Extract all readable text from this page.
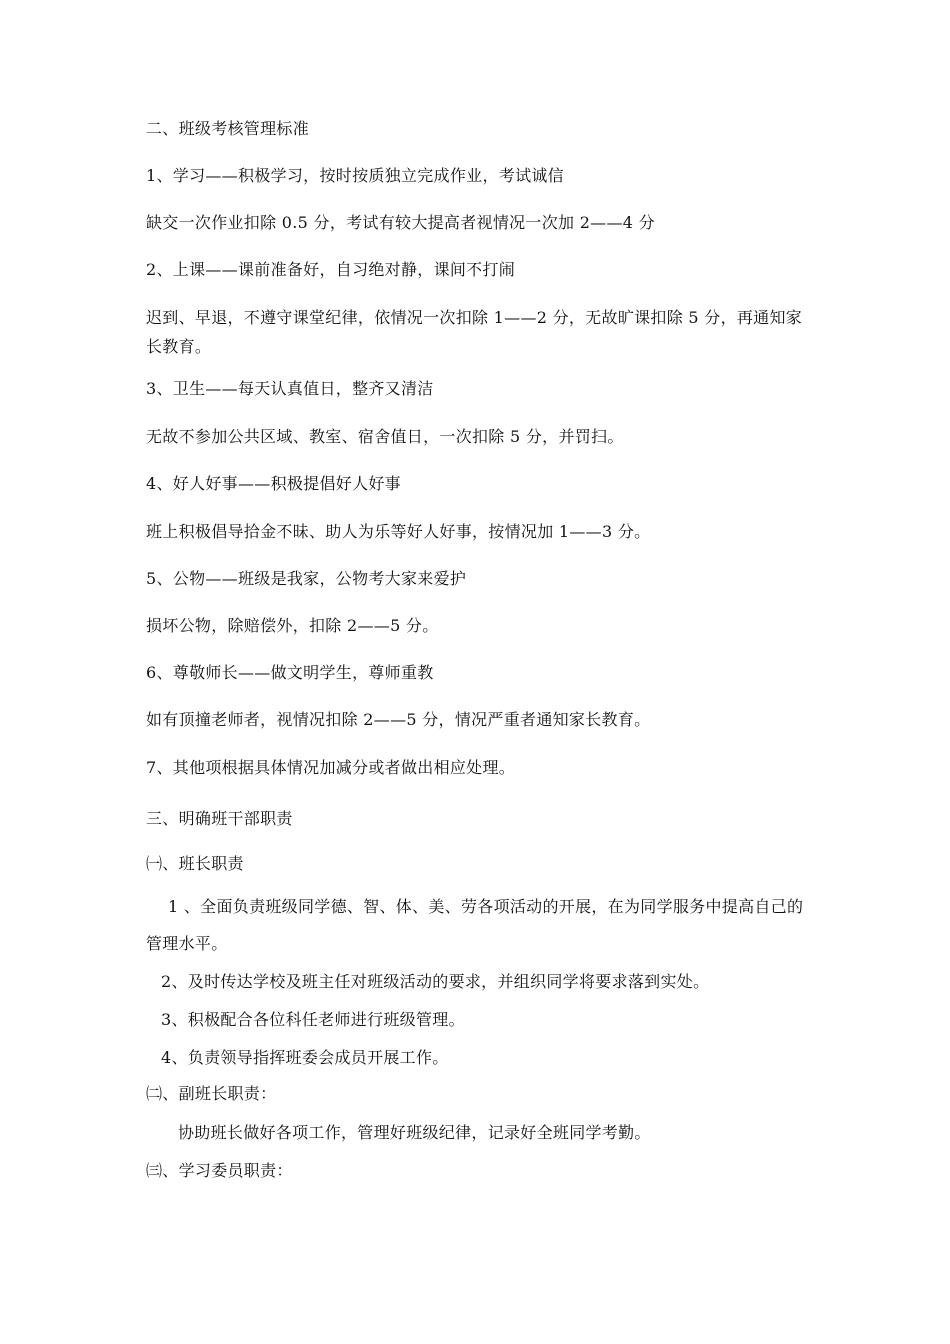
二、班级考核管理标准
1、学习——积极学习，按时按质独立完成作业，考试诚信
缺交一次作业扣除 0.5 分，考试有较大提高者视情况一次加 2——4 分
2、上课——课前准备好，自习绝对静，课间不打闹
迟到、早退，不遵守课堂纪律，依情况一次扣除 1——2 分，无故旷课扣除 5 分，再通知家长教育。
3、卫生——每天认真值日，整齐又清洁
无故不参加公共区域、教室、宿舍值日，一次扣除 5 分，并罚扫。
4、好人好事——积极提倡好人好事
班上积极倡导拾金不昧、助人为乐等好人好事，按情况加 1——3 分。
5、公物——班级是我家，公物考大家来爱护
损坏公物，除赔偿外，扣除 2——5 分。
6、尊敬师长——做文明学生，尊师重教
如有顶撞老师者，视情况扣除 2——5 分，情况严重者通知家长教育。
7、其他项根据具体情况加减分或者做出相应处理。
三、明确班干部职责
㈠、班长职责
1 、全面负责班级同学德、智、体、美、劳各项活动的开展，在为同学服务中提高自己的管理水平。
2、及时传达学校及班主任对班级活动的要求，并组织同学将要求落到实处。
3、积极配合各位科任老师进行班级管理。
4、负责领导指挥班委会成员开展工作。
㈡、副班长职责：
协助班长做好各项工作，管理好班级纪律，记录好全班同学考勤。
㈢、学习委员职责：
